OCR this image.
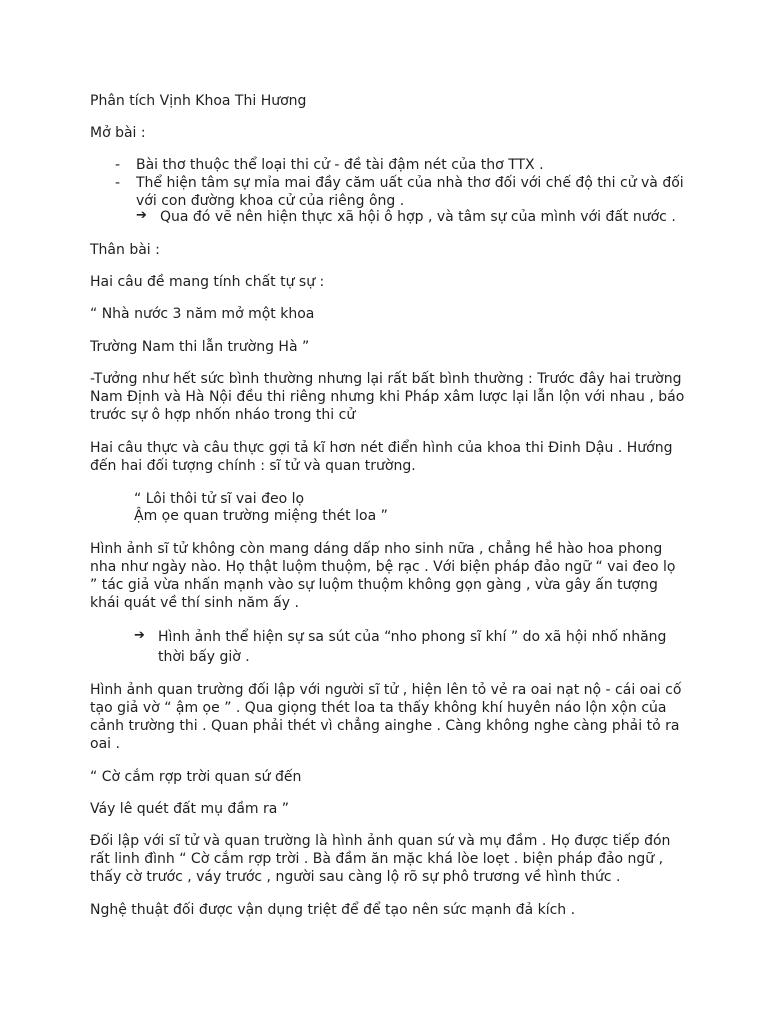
Phân tích Vịnh Khoa Thi Hương
Mở bài :
- Bài thơ thuộc thể loại thi cử - đề tài đậm nét của thơ TTX .
- Thể hiện tâm sự mỉa mai đầy căm uất của nhà thơ đối với chế độ thi cử và đối
với con đường khoa cử của riêng ông .
➔ Qua đó vẽ nên hiện thực xã hội ô hợp , và tâm sự của mình với đất nước .
Thân bài :
Hai câu đề mang tính chất tự sự :
“ Nhà nước 3 năm mở một khoa
Trường Nam thi lẫn trường Hà ”
-Tưởng như hết sức bình thường nhưng lại rất bất bình thường : Trước đây hai trường
Nam Định và Hà Nội đều thi riêng nhưng khi Pháp xâm lược lại lẫn lộn với nhau , báo
trước sự ô hợp nhốn nháo trong thi cử
Hai câu thực và câu thực gợi tả kĩ hơn nét điển hình của khoa thi Đinh Dậu . Hướng
đến hai đối tượng chính : sĩ tử và quan trường.
“ Lôi thôi tử sĩ vai đeo lọ
Ậm ọe quan trường miệng thét loa ”
Hình ảnh sĩ tử không còn mang dáng dấp nho sinh nữa , chẳng hề hào hoa phong
nha như ngày nào. Họ thật luộm thuộm, bệ rạc . Với biện pháp đảo ngữ “ vai đeo lọ
” tác giả vừa nhấn mạnh vào sự luộm thuộm không gọn gàng , vừa gây ấn tượng
khái quát về thí sinh năm ấy .
➔ Hình ảnh thể hiện sự sa sút của “nho phong sĩ khí ” do xã hội nhố nhăng
thời bấy giờ .
Hình ảnh quan trường đối lập với người sĩ tử , hiện lên tỏ vẻ ra oai nạt nộ - cái oai cố
tạo giả vờ “ ậm ọe ” . Qua giọng thét loa ta thấy không khí huyên náo lộn xộn của
cảnh trường thi . Quan phải thét vì chẳng ainghe . Càng không nghe càng phải tỏ ra
oai .
“ Cờ cắm rợp trời quan sứ đến
Váy lê quét đất mụ đầm ra ”
Đối lập với sĩ tử và quan trường là hình ảnh quan sứ và mụ đầm . Họ được tiếp đón
rất linh đình “ Cờ cắm rợp trời . Bà đầm ăn mặc khá lòe loẹt . biện pháp đảo ngữ ,
thấy cờ trước , váy trước , người sau càng lộ rõ sự phô trương về hình thức .
Nghệ thuật đối được vận dụng triệt để để tạo nên sức mạnh đả kích .
